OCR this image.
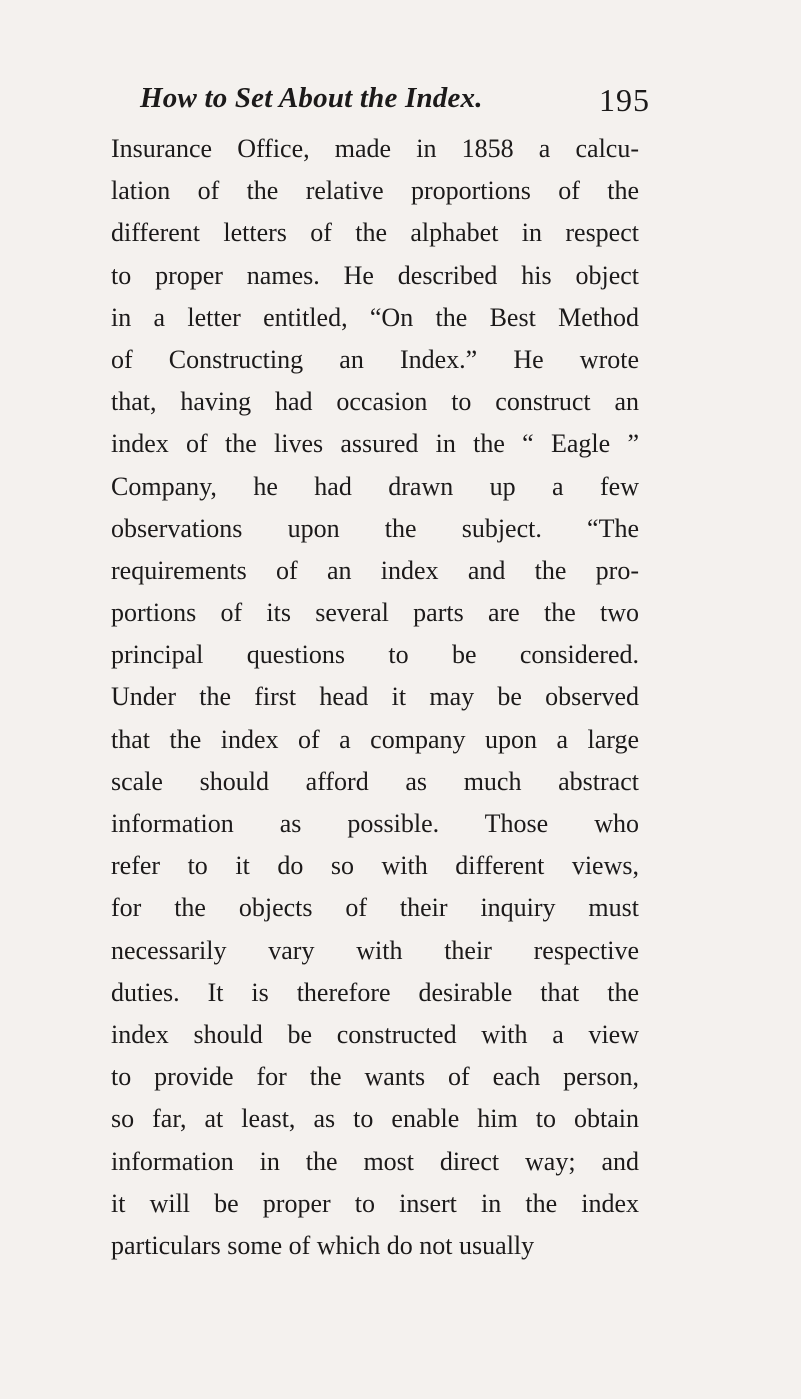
How to Set About the Index.	195
Insurance Office, made in 1858 a calcu-
lation of the relative proportions of the
different letters of the alphabet in respect
to proper names. He described his object
in a letter entitled, “On the Best Method
of Constructing an Index.” He wrote
that, having had occasion to construct an
index of the lives assured in the “ Eagle ”
Company, he had drawn up a few
observations upon the subject. “The
requirements of an index and the pro-
portions of its several parts are the two
principal questions to be considered.
Under the first head it may be observed
that the index of a company upon a large
scale should afford as much abstract
information as possible. Those who
refer to it do so with different views,
for the objects of their inquiry must
necessarily vary with their respective
duties. It is therefore desirable that the
index should be constructed with a view
to provide for the wants of each person,
so far, at least, as to enable him to obtain
information in the most direct way; and
it will be proper to insert in the index
particulars some of which do not usually
